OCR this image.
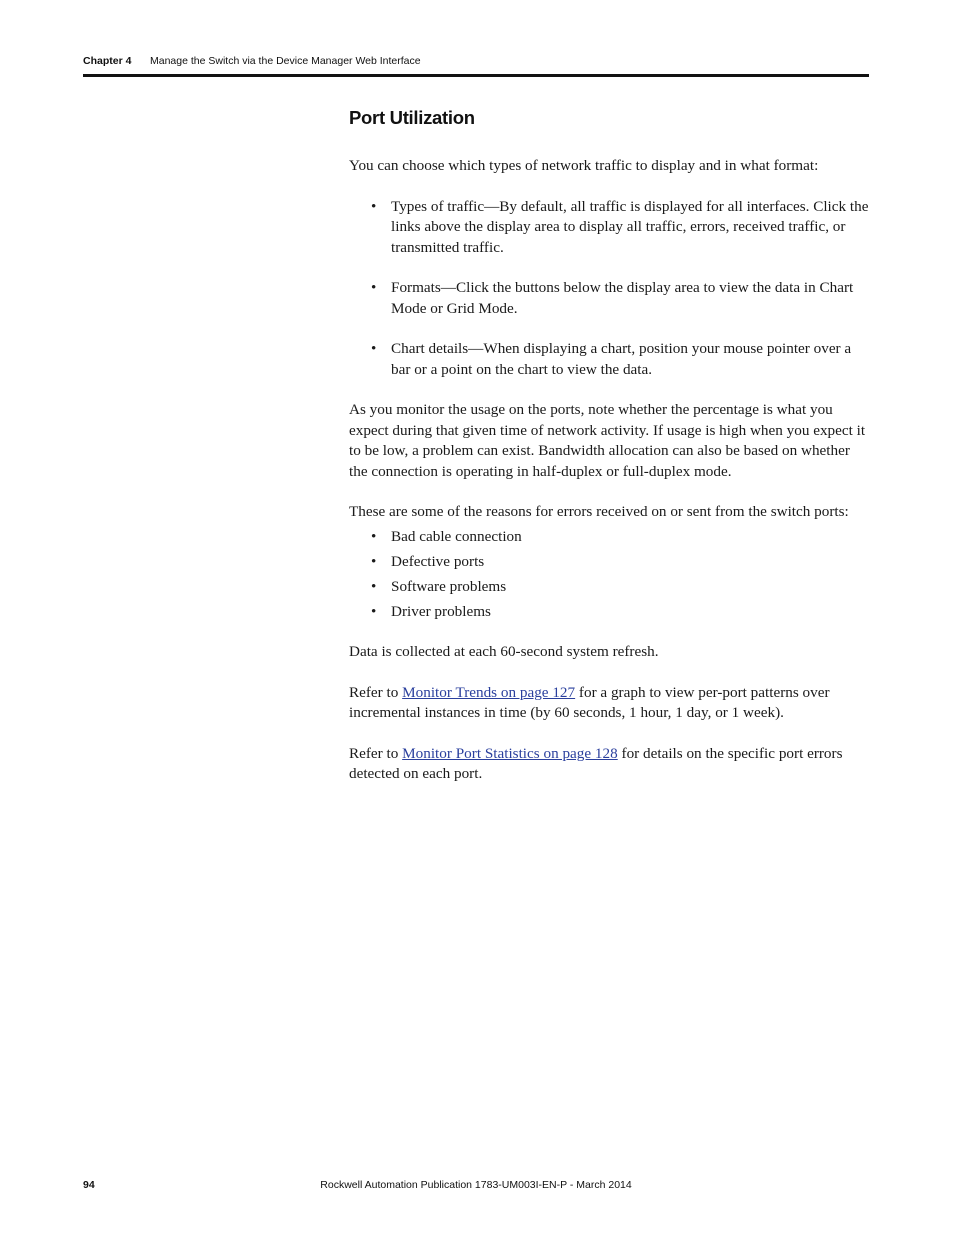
Chapter 4 Manage the Switch via the Device Manager Web Interface
Port Utilization

You can choose which types of network traffic to display and in what format:

• Types of traffic—By default, all traffic is displayed for all interfaces. Click the links above the display area to display all traffic, errors, received traffic, or transmitted traffic.
• Formats—Click the buttons below the display area to view the data in Chart Mode or Grid Mode.
• Chart details—When displaying a chart, position your mouse pointer over a bar or a point on the chart to view the data.

As you monitor the usage on the ports, note whether the percentage is what you expect during that given time of network activity. If usage is high when you expect it to be low, a problem can exist. Bandwidth allocation can also be based on whether the connection is operating in half-duplex or full-duplex mode.

These are some of the reasons for errors received on or sent from the switch ports:

• Bad cable connection
• Defective ports
• Software problems
• Driver problems

Data is collected at each 60-second system refresh.

Refer to Monitor Trends on page 127 for a graph to view per-port patterns over incremental instances in time (by 60 seconds, 1 hour, 1 day, or 1 week).

Refer to Monitor Port Statistics on page 128 for details on the specific port errors detected on each port.

94	Rockwell Automation Publication 1783-UM003I-EN-P - March 2014
